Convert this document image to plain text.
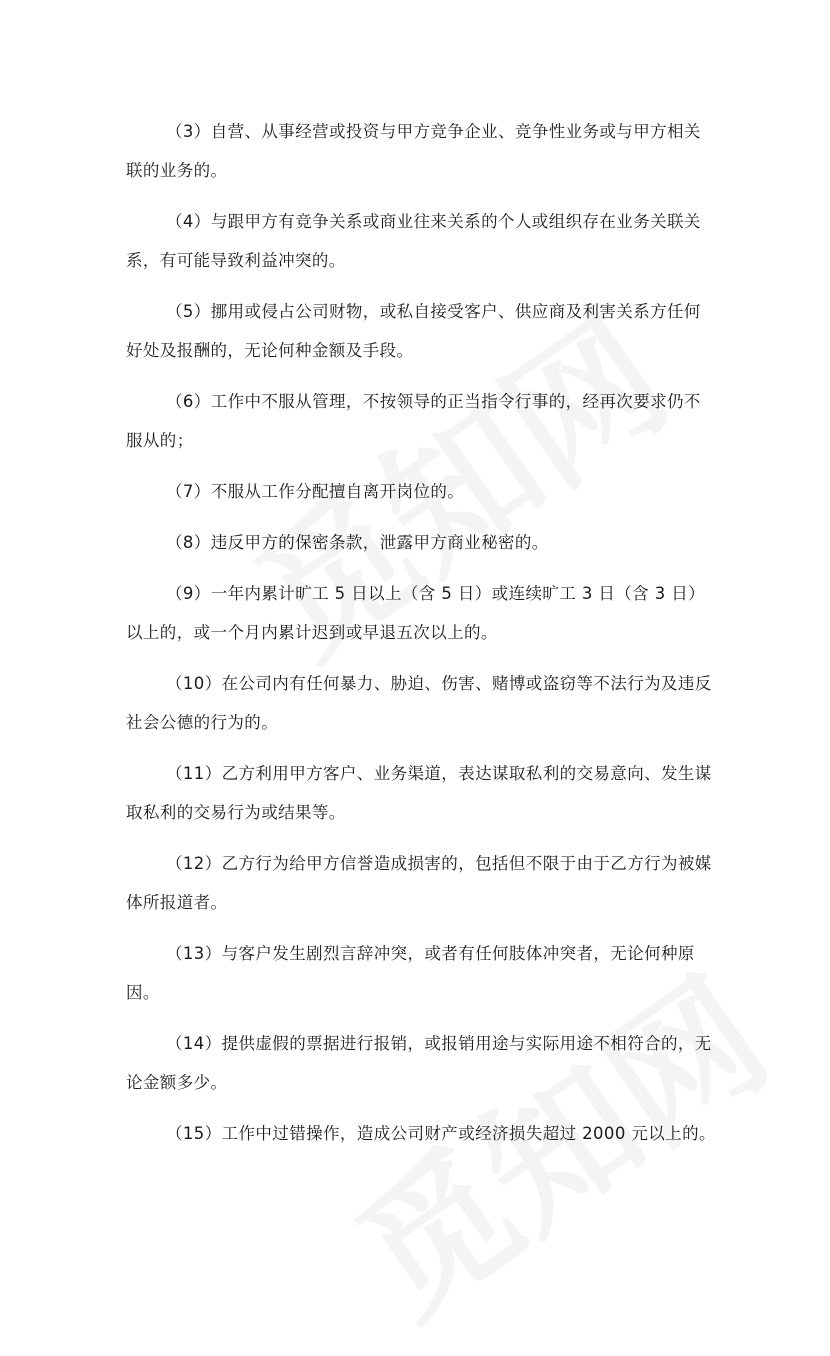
（3）自营、从事经营或投资与甲方竞争企业、竞争性业务或与甲方相关联的业务的。

（4）与跟甲方有竞争关系或商业往来关系的个人或组织存在业务关联关系，有可能导致利益冲突的。

（5）挪用或侵占公司财物，或私自接受客户、供应商及利害关系方任何好处及报酬的，无论何种金额及手段。

（6）工作中不服从管理，不按领导的正当指令行事的，经再次要求仍不服从的；

（7）不服从工作分配擅自离开岗位的。

（8）违反甲方的保密条款，泄露甲方商业秘密的。

（9）一年内累计旷工 5 日以上（含 5 日）或连续旷工 3 日（含 3 日）以上的，或一个月内累计迟到或早退五次以上的。

（10）在公司内有任何暴力、胁迫、伤害、赌博或盗窃等不法行为及违反社会公德的行为的。

（11）乙方利用甲方客户、业务渠道，表达谋取私利的交易意向、发生谋取私利的交易行为或结果等。

（12）乙方行为给甲方信誉造成损害的，包括但不限于由于乙方行为被媒体所报道者。

（13）与客户发生剧烈言辞冲突，或者有任何肢体冲突者，无论何种原因。

（14）提供虚假的票据进行报销，或报销用途与实际用途不相符合的，无论金额多少。

（15）工作中过错操作，造成公司财产或经济损失超过 2000 元以上的。
